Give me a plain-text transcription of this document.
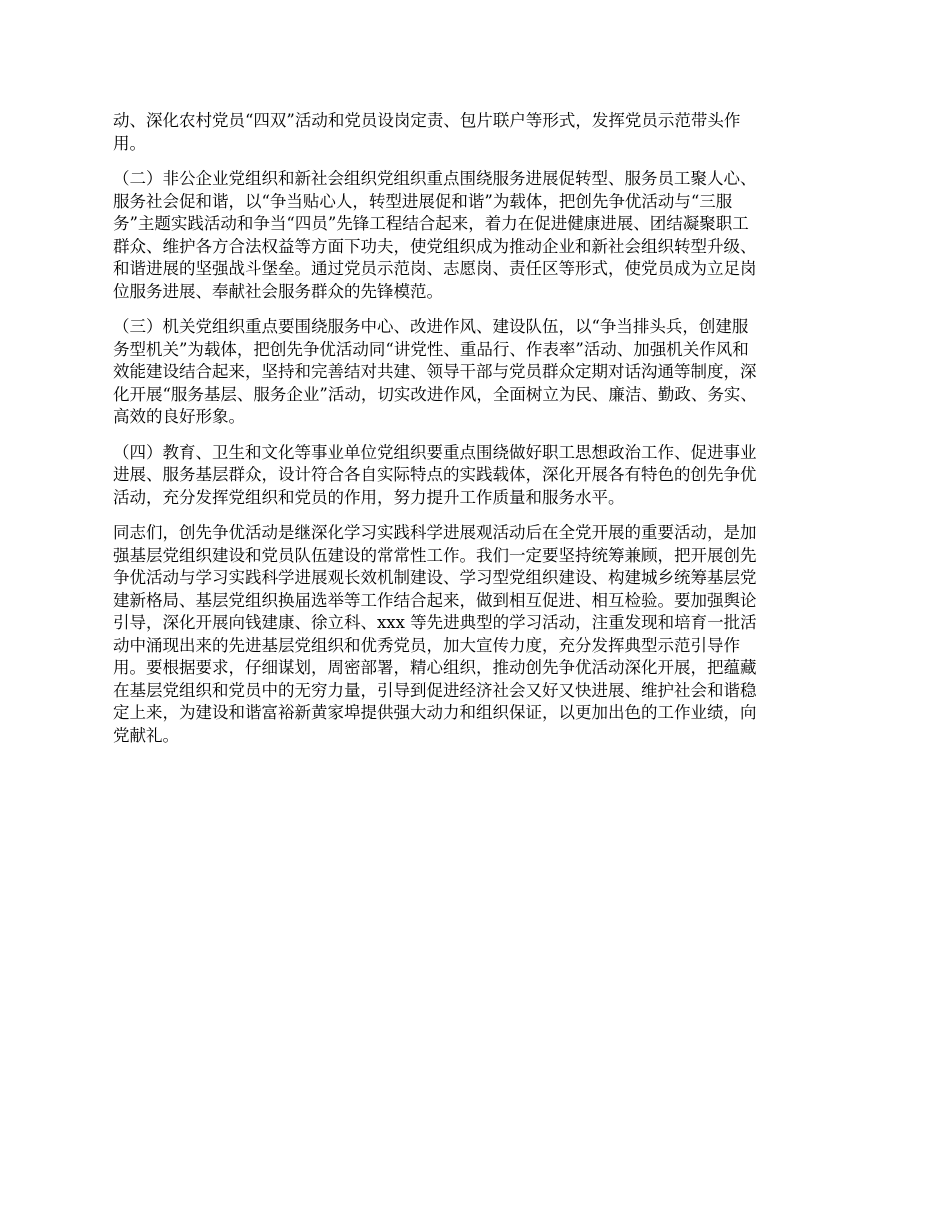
动、深化农村党员“四双”活动和党员设岗定责、包片联户等形式，发挥党员示范带头作
用。

（二）非公企业党组织和新社会组织党组织重点围绕服务进展促转型、服务员工聚人心、
服务社会促和谐，以“争当贴心人，转型进展促和谐”为载体，把创先争优活动与“三服
务”主题实践活动和争当“四员”先锋工程结合起来，着力在促进健康进展、团结凝聚职工
群众、维护各方合法权益等方面下功夫，使党组织成为推动企业和新社会组织转型升级、
和谐进展的坚强战斗堡垒。通过党员示范岗、志愿岗、责任区等形式，使党员成为立足岗
位服务进展、奉献社会服务群众的先锋模范。

（三）机关党组织重点要围绕服务中心、改进作风、建设队伍，以“争当排头兵，创建服
务型机关”为载体，把创先争优活动同“讲党性、重品行、作表率”活动、加强机关作风和
效能建设结合起来，坚持和完善结对共建、领导干部与党员群众定期对话沟通等制度，深
化开展“服务基层、服务企业”活动，切实改进作风，全面树立为民、廉洁、勤政、务实、
高效的良好形象。

（四）教育、卫生和文化等事业单位党组织要重点围绕做好职工思想政治工作、促进事业
进展、服务基层群众，设计符合各自实际特点的实践载体，深化开展各有特色的创先争优
活动，充分发挥党组织和党员的作用，努力提升工作质量和服务水平。

同志们，创先争优活动是继深化学习实践科学进展观活动后在全党开展的重要活动，是加
强基层党组织建设和党员队伍建设的常常性工作。我们一定要坚持统筹兼顾，把开展创先
争优活动与学习实践科学进展观长效机制建设、学习型党组织建设、构建城乡统筹基层党
建新格局、基层党组织换届选举等工作结合起来，做到相互促进、相互检验。要加强舆论
引导，深化开展向钱建康、徐立科、xxx 等先进典型的学习活动，注重发现和培育一批活
动中涌现出来的先进基层党组织和优秀党员，加大宣传力度，充分发挥典型示范引导作
用。要根据要求，仔细谋划，周密部署，精心组织，推动创先争优活动深化开展，把蕴藏
在基层党组织和党员中的无穷力量，引导到促进经济社会又好又快进展、维护社会和谐稳
定上来，为建设和谐富裕新黄家埠提供强大动力和组织保证，以更加出色的工作业绩，向
党献礼。
